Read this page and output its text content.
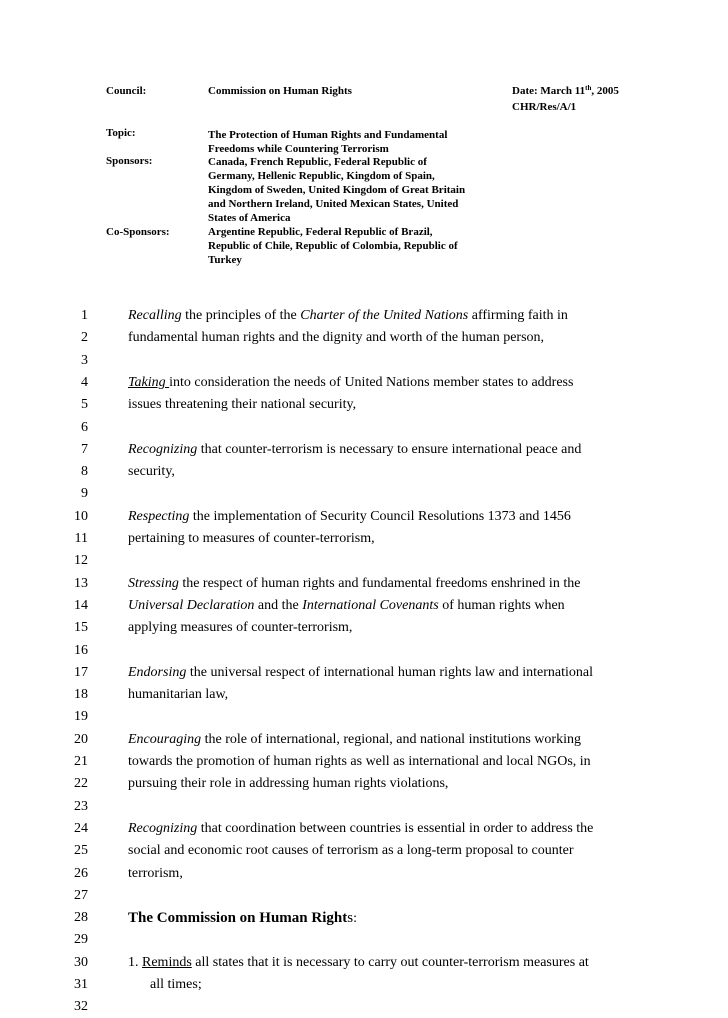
Council:	Commission on Human Rights	Date: March 11th, 2005
CHR/Res/A/1
Topic:	The Protection of Human Rights and Fundamental
Freedoms while Countering Terrorism
Sponsors:	Canada, French Republic, Federal Republic of
Germany, Hellenic Republic, Kingdom of Spain,
Kingdom of Sweden, United Kingdom of Great Britain
and Northern Ireland, United Mexican States, United
States of America
Co-Sponsors:	Argentine Republic, Federal Republic of Brazil,
Republic of Chile, Republic of Colombia, Republic of
Turkey
1	Recalling the principles of the Charter of the United Nations affirming faith in
2	fundamental human rights and the dignity and worth of the human person,
3
4	Taking into consideration the needs of United Nations member states to address
5	issues threatening their national security,
6
7	Recognizing that counter-terrorism is necessary to ensure international peace and
8	security,
9
10	Respecting the implementation of Security Council Resolutions 1373 and 1456
11	pertaining to measures of counter-terrorism,
12
13	Stressing the respect of human rights and fundamental freedoms enshrined in the
14	Universal Declaration and the International Covenants of human rights when
15	applying measures of counter-terrorism,
16
17	Endorsing the universal respect of international human rights law and international
18	humanitarian law,
19
20	Encouraging the role of international, regional, and national institutions working
21	towards the promotion of human rights as well as international and local NGOs, in
22	pursuing their role in addressing human rights violations,
23
24	Recognizing that coordination between countries is essential in order to address the
25	social and economic root causes of terrorism as a long-term proposal to counter
26	terrorism,
27
28	The Commission on Human Rights:
29
30	1. Reminds all states that it is necessary to carry out counter-terrorism measures at
31	all times;
32
